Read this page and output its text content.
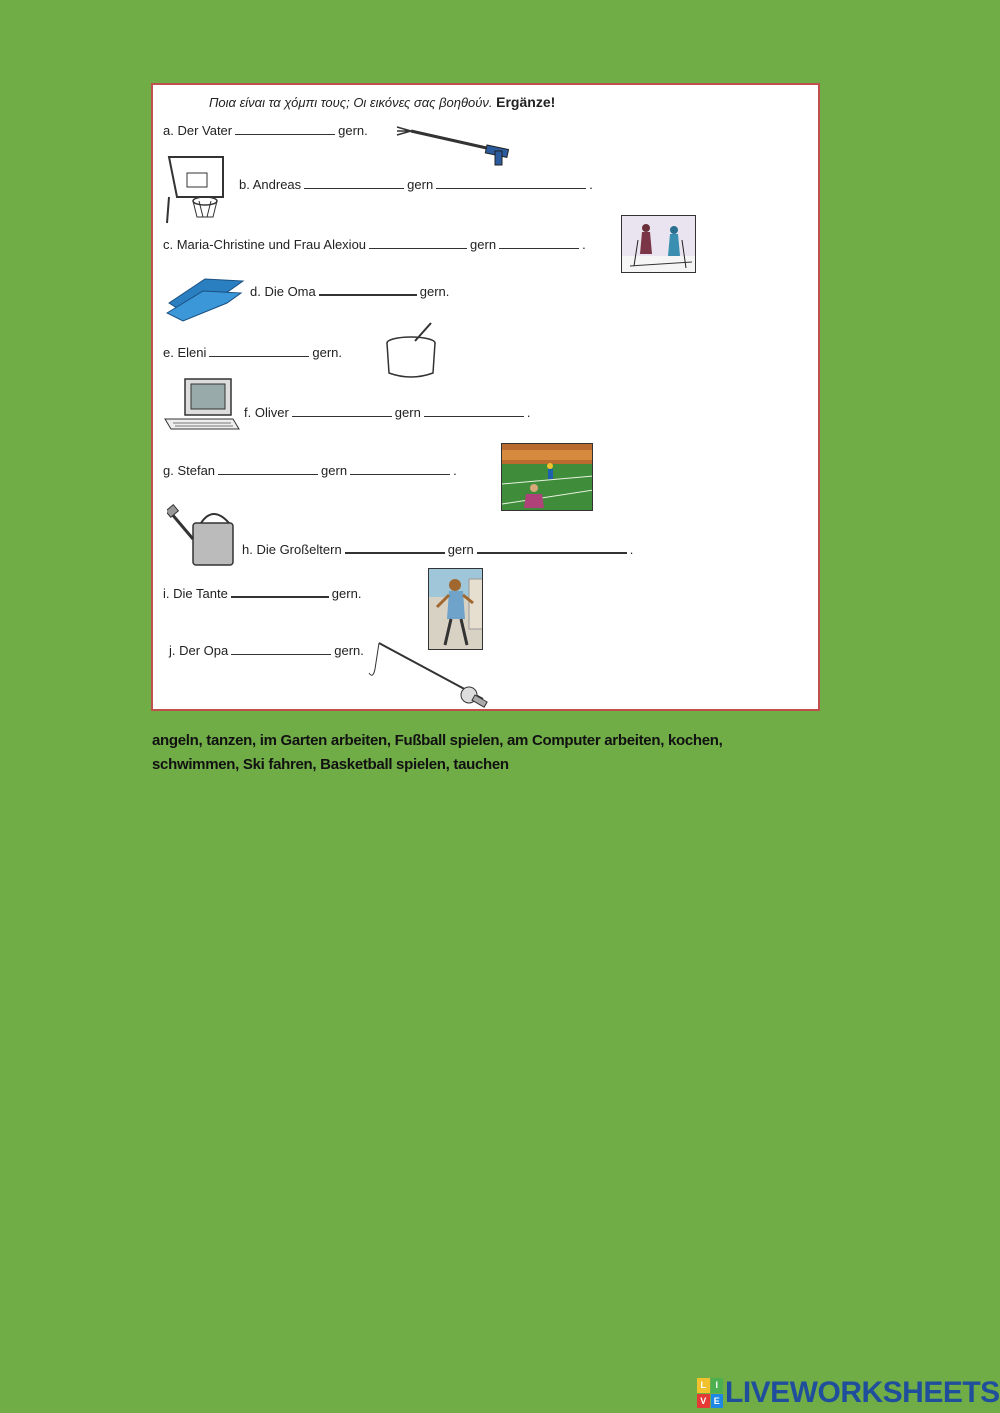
Ποια είναι τα χόμπι τους; Οι εικόνες σας βοηθούν. Ergänze!
a. Der Vater	gern.
b. Andreas	gern	.
c. Maria-Christine und Frau Alexiou	gern	.
d. Die Oma	gern.
e. Eleni	gern.
f. Oliver	gern	.
g. Stefan	gern	.
h. Die Großeltern	gern	.
i. Die Tante	gern.
j. Der Opa	gern.
angeln, tanzen, im Garten arbeiten, Fußball spielen, am Computer arbeiten, kochen,
schwimmen, Ski fahren, Basketball spielen, tauchen
L	I
V E LIVEWORKSHEETS
